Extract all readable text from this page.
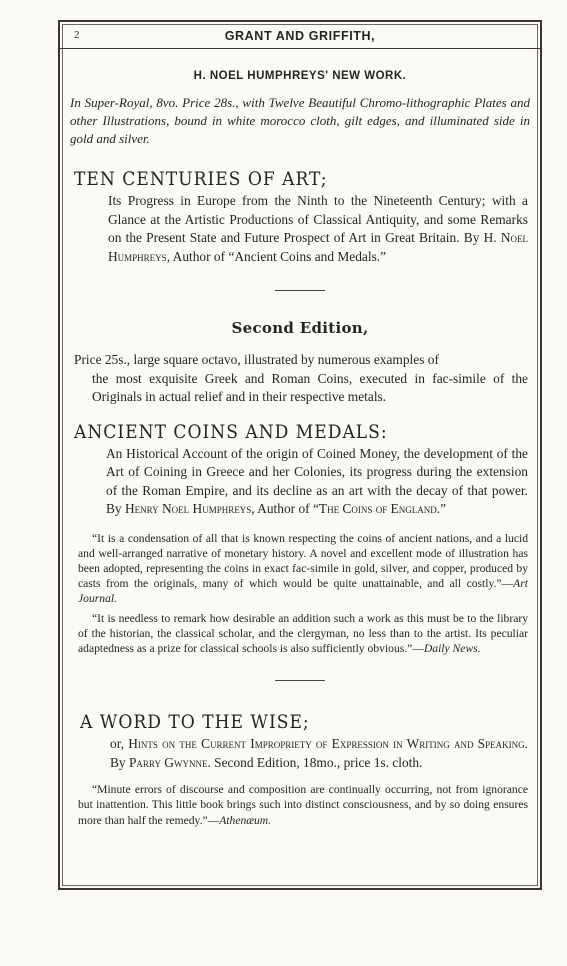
2	GRANT AND GRIFFITH,
H. NOEL HUMPHREYS' NEW WORK.
In Super-Royal, 8vo. Price 28s., with Twelve Beautiful Chromo-lithographic Plates and other Illustrations, bound in white morocco cloth, gilt edges, and illuminated side in gold and silver.
TEN CENTURIES OF ART;
Its Progress in Europe from the Ninth to the Nineteenth Century; with a Glance at the Artistic Productions of Classical Antiquity, and some Remarks on the Present State and Future Prospect of Art in Great Britain. By H. Noel Humphreys, Author of “Ancient Coins and Medals.”
Second Edition,
Price 25s., large square octavo, illustrated by numerous examples of
the most exquisite Greek and Roman Coins, executed in fac-simile of the Originals in actual relief and in their respective metals.
ANCIENT COINS AND MEDALS:
An Historical Account of the origin of Coined Money, the development of the Art of Coining in Greece and her Colonies, its progress during the extension of the Roman Empire, and its decline as an art with the decay of that power. By Henry Noel Humphreys, Author of “The Coins of England.”
“It is a condensation of all that is known respecting the coins of ancient nations, and a lucid and well-arranged narrative of monetary history. A novel and excellent mode of illustration has been adopted, representing the coins in exact fac-simile in gold, silver, and copper, produced by casts from the originals, many of which would be quite unattainable, and all costly.”—Art Journal.
“It is needless to remark how desirable an addition such a work as this must be to the library of the historian, the classical scholar, and the clergyman, no less than to the artist. Its peculiar adaptedness as a prize for classical schools is also sufficiently obvious.”—Daily News.
A WORD TO THE WISE;
or, Hints on the Current Impropriety of Expression in Writing and Speaking. By Parry Gwynne. Second Edition, 18mo., price 1s. cloth.
“Minute errors of discourse and composition are continually occurring, not from ignorance but inattention. This little book brings such into distinct consciousness, and by so doing ensures more than half the remedy.”—Athenæum.
